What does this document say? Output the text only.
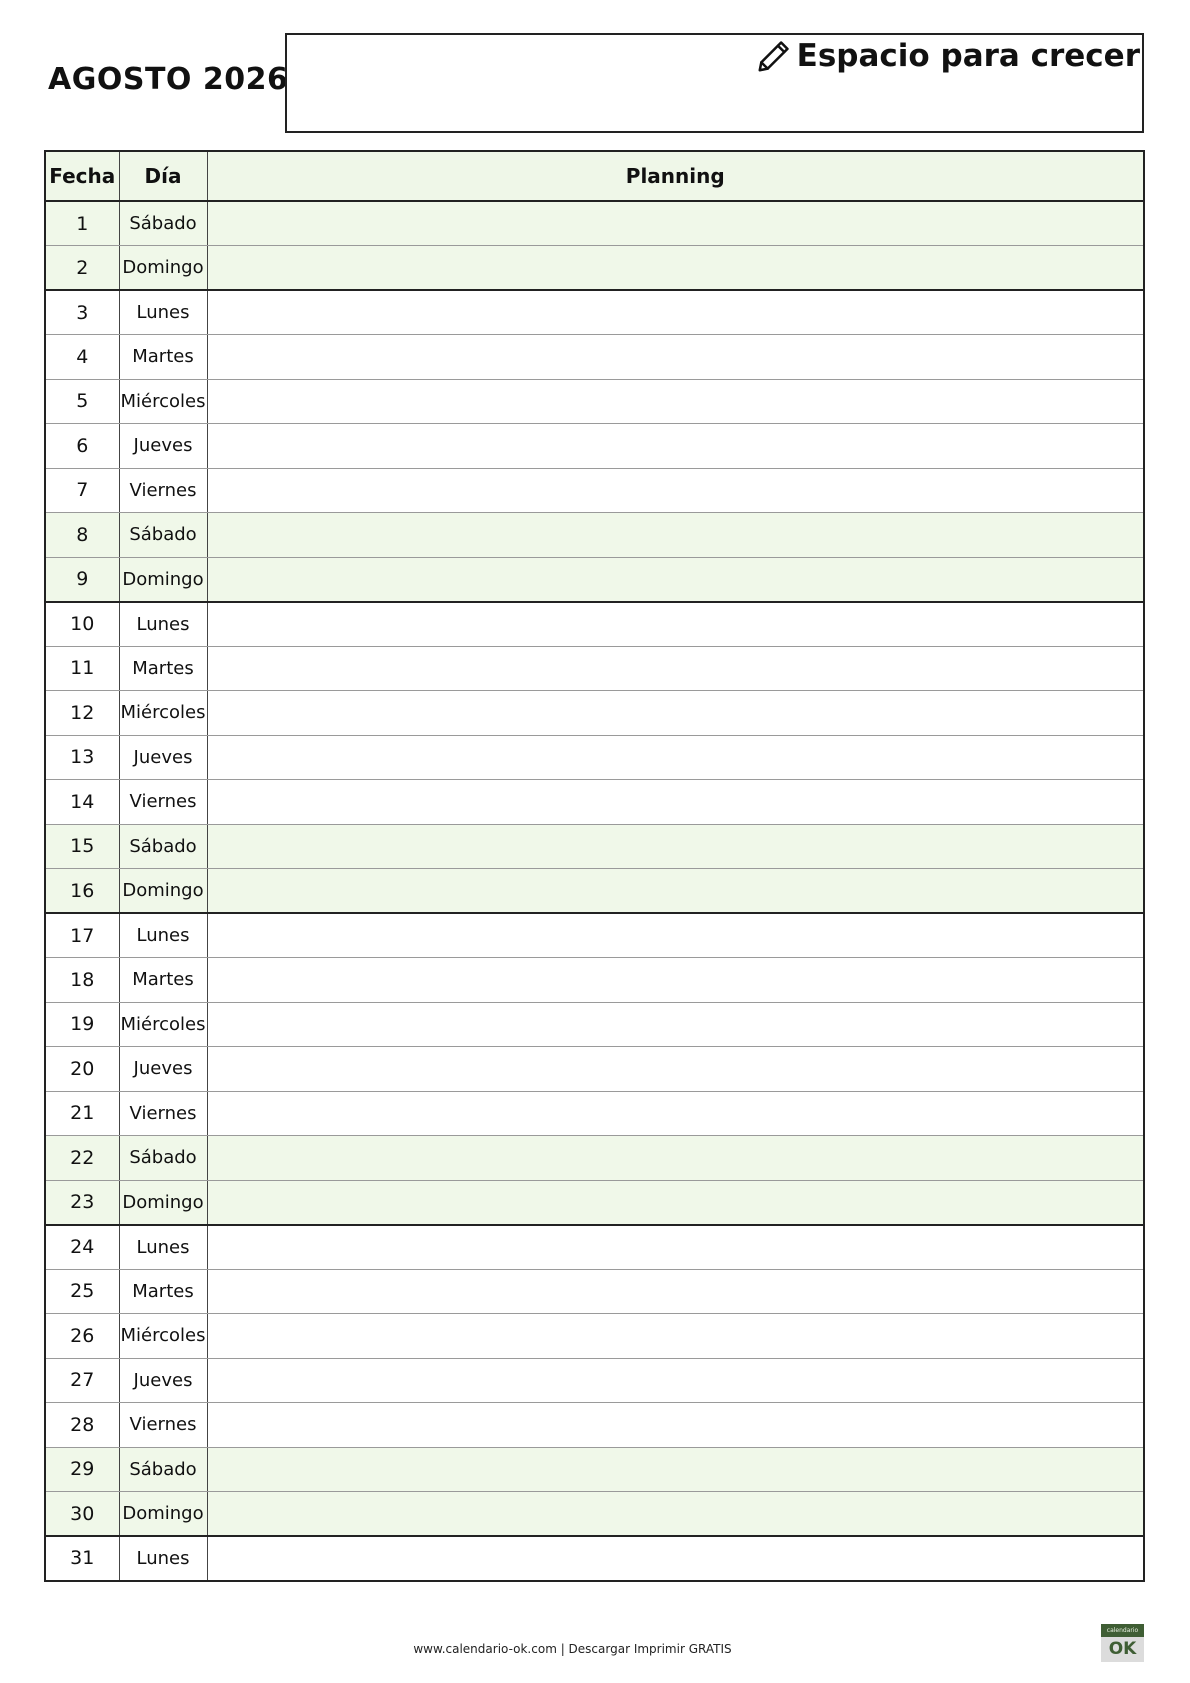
AGOSTO 2026
Espacio para crecer
Fecha	Día	Planning
1	Sábado	
2	Domingo	
3	Lunes	
4	Martes	
5	Miércoles	
6	Jueves	
7	Viernes	
8	Sábado	
9	Domingo	
10	Lunes	
11	Martes	
12	Miércoles	
13	Jueves	
14	Viernes	
15	Sábado	
16	Domingo	
17	Lunes	
18	Martes	
19	Miércoles	
20	Jueves	
21	Viernes	
22	Sábado	
23	Domingo	
24	Lunes	
25	Martes	
26	Miércoles	
27	Jueves	
28	Viernes	
29	Sábado	
30	Domingo	
31	Lunes	
www.calendario-ok.com | Descargar Imprimir GRATIS
calendario
OK
